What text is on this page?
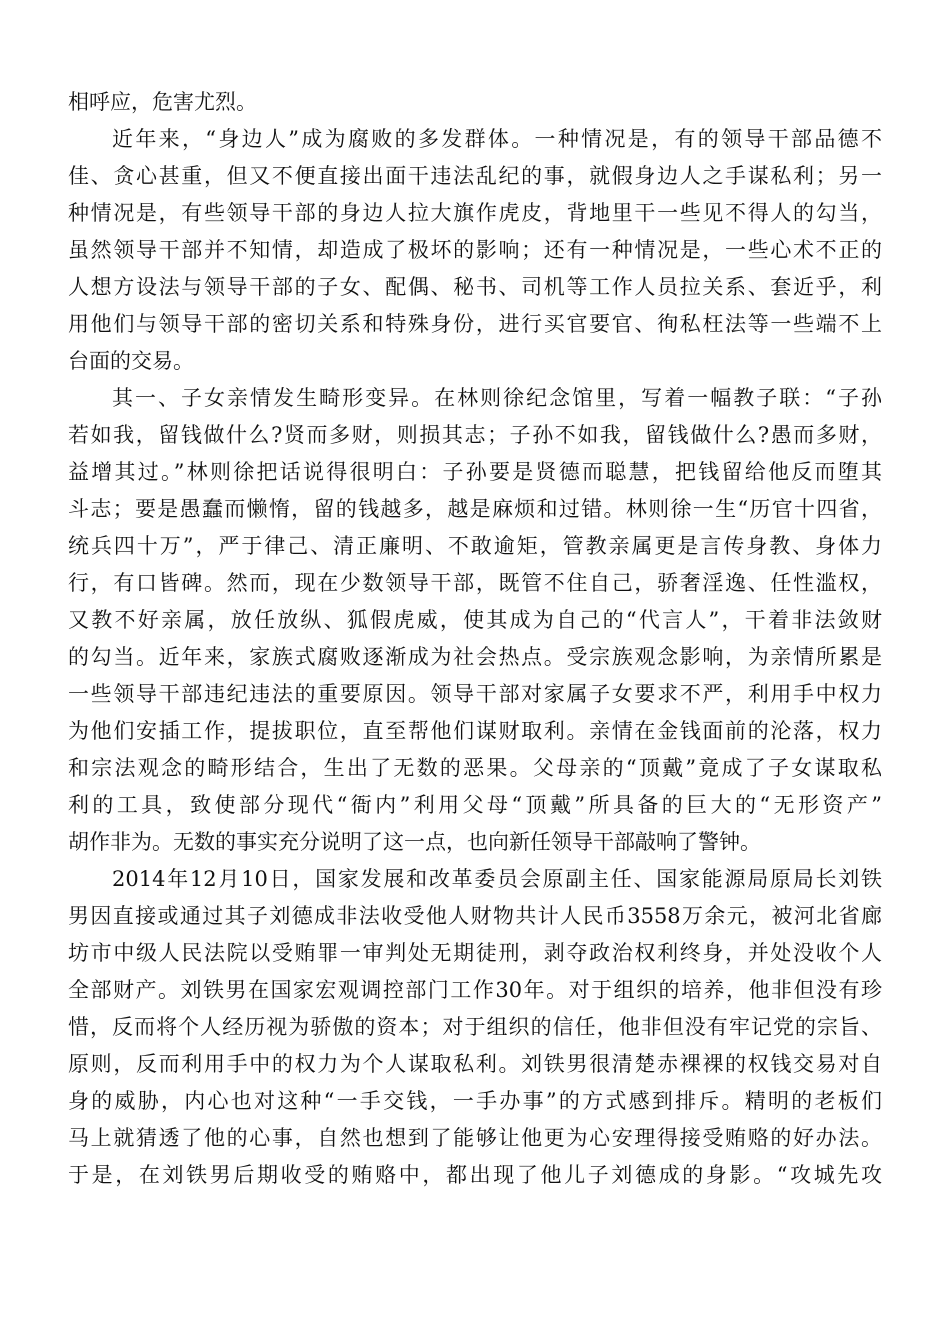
相呼应，危害尤烈。
近年来，“身边人”成为腐败的多发群体。一种情况是，有的领导干部品德不
佳、贪心甚重，但又不便直接出面干违法乱纪的事，就假身边人之手谋私利；另一
种情况是，有些领导干部的身边人拉大旗作虎皮，背地里干一些见不得人的勾当，
虽然领导干部并不知情，却造成了极坏的影响；还有一种情况是，一些心术不正的
人想方设法与领导干部的子女、配偶、秘书、司机等工作人员拉关系、套近乎，利
用他们与领导干部的密切关系和特殊身份，进行买官要官、徇私枉法等一些端不上
台面的交易。
其一、子女亲情发生畸形变异。在林则徐纪念馆里，写着一幅教子联：“子孙
若如我，留钱做什么?贤而多财，则损其志；子孙不如我，留钱做什么?愚而多财，
益增其过。”林则徐把话说得很明白：子孙要是贤德而聪慧，把钱留给他反而堕其
斗志；要是愚蠢而懒惰，留的钱越多，越是麻烦和过错。林则徐一生“历官十四省，
统兵四十万”，严于律己、清正廉明、不敢逾矩，管教亲属更是言传身教、身体力
行，有口皆碑。然而，现在少数领导干部，既管不住自己，骄奢淫逸、任性滥权，
又教不好亲属，放任放纵、狐假虎威，使其成为自己的“代言人”，干着非法敛财
的勾当。近年来，家族式腐败逐渐成为社会热点。受宗族观念影响，为亲情所累是
一些领导干部违纪违法的重要原因。领导干部对家属子女要求不严，利用手中权力
为他们安插工作，提拔职位，直至帮他们谋财取利。亲情在金钱面前的沦落，权力
和宗法观念的畸形结合，生出了无数的恶果。父母亲的“顶戴”竟成了子女谋取私
利的工具，致使部分现代“衙内”利用父母“顶戴”所具备的巨大的“无形资产”
胡作非为。无数的事实充分说明了这一点，也向新任领导干部敲响了警钟。
2014年12月10日，国家发展和改革委员会原副主任、国家能源局原局长刘铁
男因直接或通过其子刘德成非法收受他人财物共计人民币3558万余元，被河北省廊
坊市中级人民法院以受贿罪一审判处无期徒刑，剥夺政治权利终身，并处没收个人
全部财产。刘铁男在国家宏观调控部门工作30年。对于组织的培养，他非但没有珍
惜，反而将个人经历视为骄傲的资本；对于组织的信任，他非但没有牢记党的宗旨、
原则，反而利用手中的权力为个人谋取私利。刘铁男很清楚赤裸裸的权钱交易对自
身的威胁，内心也对这种“一手交钱，一手办事”的方式感到排斥。精明的老板们
马上就猜透了他的心事，自然也想到了能够让他更为心安理得接受贿赂的好办法。
于是，在刘铁男后期收受的贿赂中，都出现了他儿子刘德成的身影。“攻城先攻
